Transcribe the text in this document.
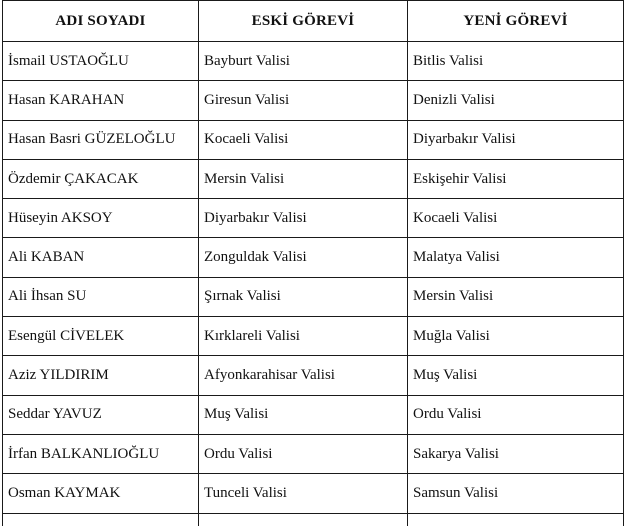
ADI SOYADI	ESKİ GÖREVİ	YENİ GÖREVİ
İsmail USTAOĞLU	Bayburt Valisi	Bitlis Valisi
Hasan KARAHAN	Giresun Valisi	Denizli Valisi
Hasan Basri GÜZELOĞLU	Kocaeli Valisi	Diyarbakır Valisi
Özdemir ÇAKACAK	Mersin Valisi	Eskişehir Valisi
Hüseyin AKSOY	Diyarbakır Valisi	Kocaeli Valisi
Ali KABAN	Zonguldak Valisi	Malatya Valisi
Ali İhsan SU	Şırnak Valisi	Mersin Valisi
Esengül CİVELEK	Kırklareli Valisi	Muğla Valisi
Aziz YILDIRIM	Afyonkarahisar Valisi	Muş Valisi
Seddar YAVUZ	Muş Valisi	Ordu Valisi
İrfan BALKANLIOĞLU	Ordu Valisi	Sakarya Valisi
Osman KAYMAK	Tunceli Valisi	Samsun Valisi
